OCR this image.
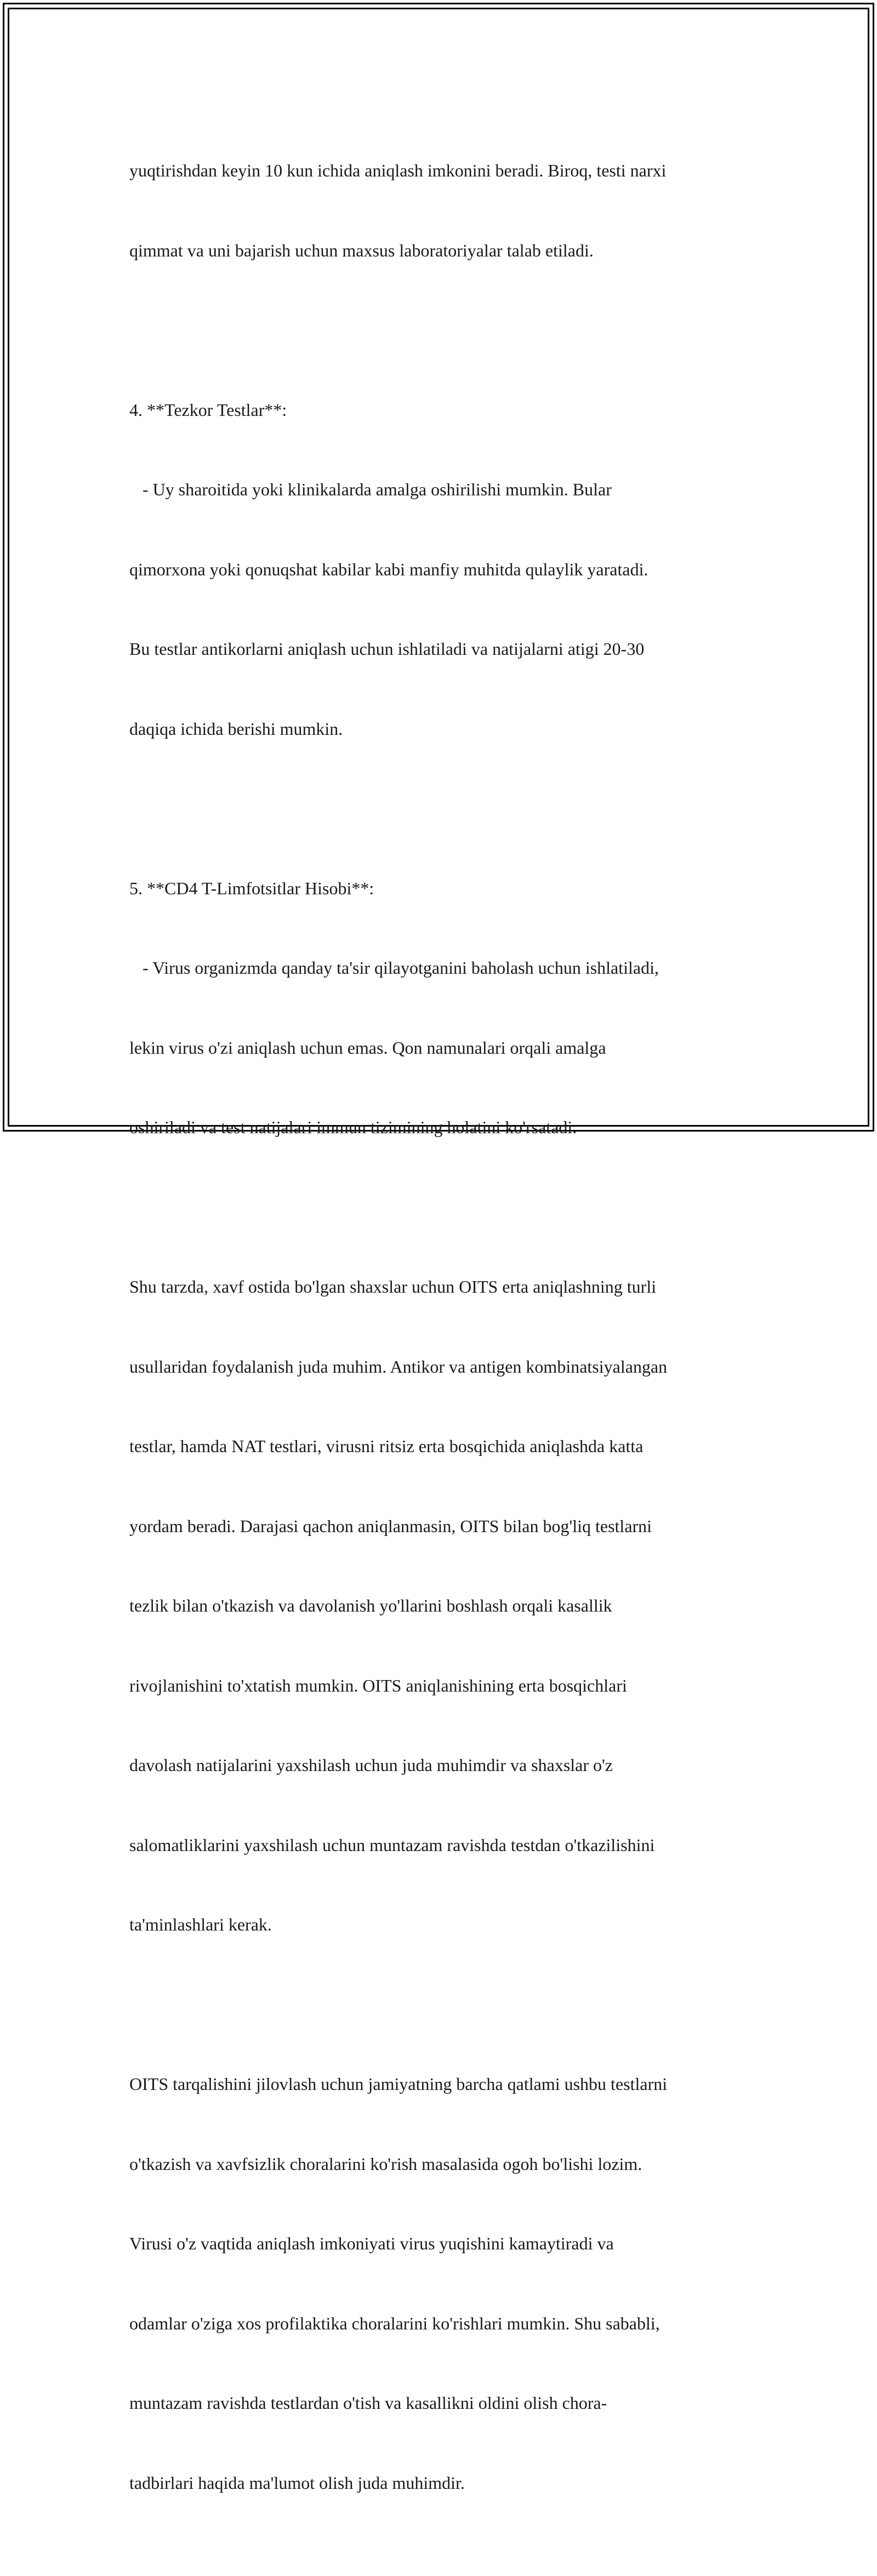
yuqtirishdan keyin 10 kun ichida aniqlash imkonini beradi. Biroq, testi narxi

qimmat va uni bajarish uchun maxsus laboratoriyalar talab etiladi.

4. **Tezkor Testlar**:

- Uy sharoitida yoki klinikalarda amalga oshirilishi mumkin. Bular

qimorxona yoki qonuqshat kabilar kabi manfiy muhitda qulaylik yaratadi.

Bu testlar antikorlarni aniqlash uchun ishlatiladi va natijalarni atigi 20-30

daqiqa ichida berishi mumkin.

5. **CD4 T-Limfotsitlar Hisobi**:

- Virus organizmda qanday ta'sir qilayotganini baholash uchun ishlatiladi,

lekin virus o'zi aniqlash uchun emas. Qon namunalari orqali amalga

oshiriladi va test natijalari immun tizimining holatini ko'rsatadi.

Shu tarzda, xavf ostida bo'lgan shaxslar uchun OITS erta aniqlashning turli

usullaridan foydalanish juda muhim. Antikor va antigen kombinatsiyalangan

testlar, hamda NAT testlari, virusni ritsiz erta bosqichida aniqlashda katta

yordam beradi. Darajasi qachon aniqlanmasin, OITS bilan bog'liq testlarni

tezlik bilan o'tkazish va davolanish yo'llarini boshlash orqali kasallik

rivojlanishini to'xtatish mumkin. OITS aniqlanishining erta bosqichlari

davolash natijalarini yaxshilash uchun juda muhimdir va shaxslar o'z

salomatliklarini yaxshilash uchun muntazam ravishda testdan o'tkazilishini

ta'minlashlari kerak.

OITS tarqalishini jilovlash uchun jamiyatning barcha qatlami ushbu testlarni

o'tkazish va xavfsizlik choralarini ko'rish masalasida ogoh bo'lishi lozim.

Virusi o'z vaqtida aniqlash imkoniyati virus yuqishini kamaytiradi va

odamlar o'ziga xos profilaktika choralarini ko'rishlari mumkin. Shu sababli,

muntazam ravishda testlardan o'tish va kasallikni oldini olish chora-

tadbirlari haqida ma'lumot olish juda muhimdir.
